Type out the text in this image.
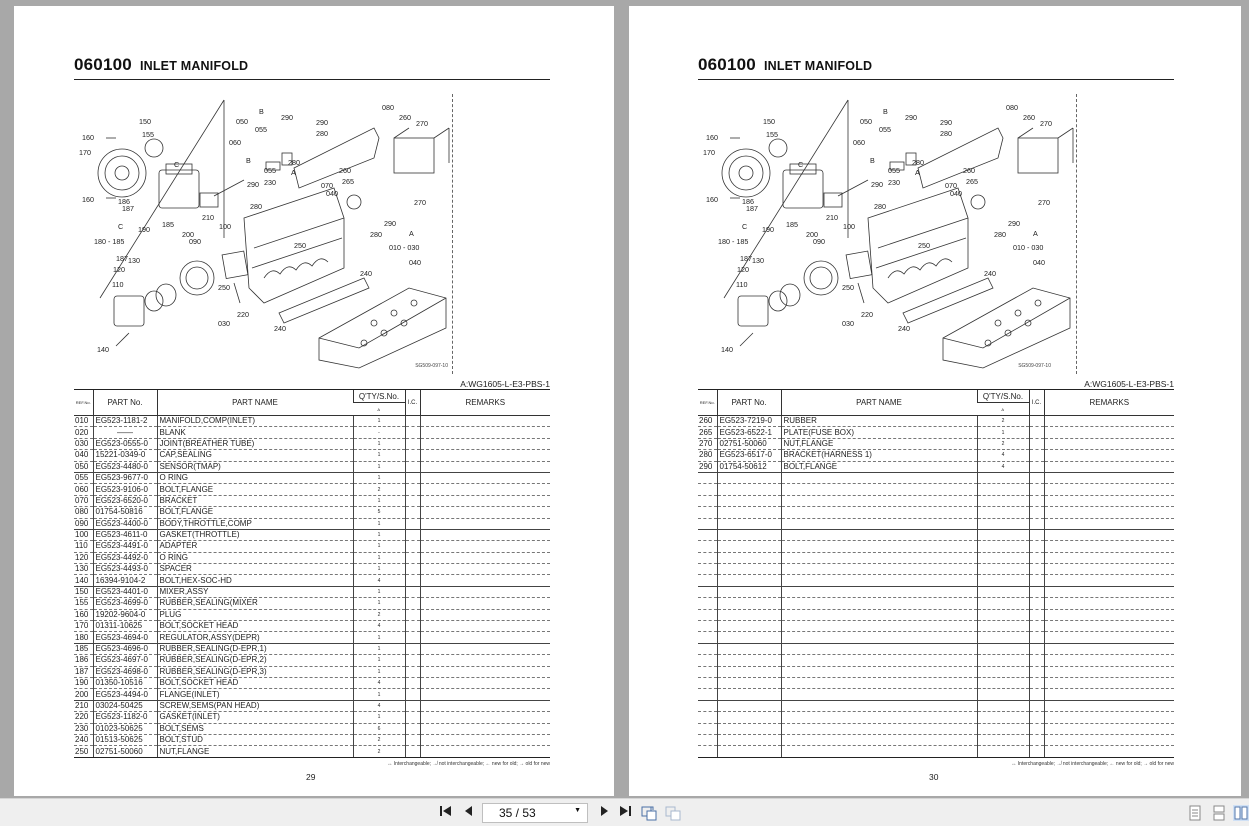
060100 INLET MANIFOLD
150
155
160
170
160	186
187
C
190
185
200
210
C
180 - 185
187
B
050
055
060
290
290
280
B
055
280
290 230
A
280
070
260
265
080
260
270
270
040
290
280
100
090
120
130
110
140
250
030
220
250
240
240
A
010 - 030
040
SG509-097-10
A:WG1605-L-E3-PBS-1
REF.No.	PART No.	PART NAME	Q'TY/S.No.	I.C.	REMARKS
			A		
010	EG523-1181-2	MANIFOLD,COMP(INLET)	1		
020	——	BLANK	-		
030	EG523-0555-0	JOINT(BREATHER TUBE)	1		
040	15221-0349-0	CAP,SEALING	1		
050	EG523-4480-0	SENSOR(TMAP)	1		
055	EG523-9677-0	O RING	1		
060	EG523-9106-0	BOLT,FLANGE	2		
070	EG523-6520-0	BRACKET	1		
080	01754-50816	BOLT,FLANGE	5		
090	EG523-4400-0	BODY,THROTTLE,COMP	1		
100	EG523-4611-0	GASKET(THROTTLE)	1		
110	EG523-4491-0	ADAPTER	1		
120	EG523-4492-0	O RING	1		
130	EG523-4493-0	SPACER	1		
140	16394-9104-2	BOLT,HEX-SOC-HD	4		
150	EG523-4401-0	MIXER,ASSY	1		
155	EG523-4699-0	RUBBER,SEALING(MIXER	1		
160	19202-9604-0	PLUG	2		
170	01311-10625	BOLT,SOCKET HEAD	4		
180	EG523-4694-0	REGULATOR,ASSY(DEPR)	1		
185	EG523-4696-0	RUBBER,SEALING(D-EPR,1)	1		
186	EG523-4697-0	RUBBER,SEALING(D-EPR,2)	1		
187	EG523-4698-0	RUBBER,SEALING(D-EPR,3)	1		
190	01350-10516	BOLT,SOCKET HEAD	4		
200	EG523-4494-0	FLANGE(INLET)	1		
210	03024-50425	SCREW,SEMS(PAN HEAD)	4		
220	EG523-1182-0	GASKET(INLET)	1		
230	01023-50625	BOLT,SEMS	6		
240	01513-50625	BOLT,STUD	2		
250	02751-50060	NUT,FLANGE	2		
↔ Interchangeable; ↛ not interchangeable; ← new for old; → old for new
29
060100 INLET MANIFOLD
150
155
160
170
160	186
187
C
190
185
200
210
C
180 - 185
187
B
050
055
060
290
290
280
B
055
280
290 230
A
280
070
260
265
080
260
270
270
040
290
280
100
090
120
130
110
140
250
030
220
250
240
240
A
010 - 030
040
SG509-097-10
A:WG1605-L-E3-PBS-1
REF.No.	PART No.	PART NAME	Q'TY/S.No.	I.C.	REMARKS
			A		
260	EG523-7219-0	RUBBER	2		
265	EG523-6522-1	PLATE(FUSE BOX)	1		
270	02751-50060	NUT,FLANGE	2		
280	EG523-6517-0	BRACKET(HARNESS 1)	4		
290	01754-50612	BOLT,FLANGE	4		

↔ Interchangeable; ↛ not interchangeable; ← new for old; → old for new
30
35 / 53	▼
